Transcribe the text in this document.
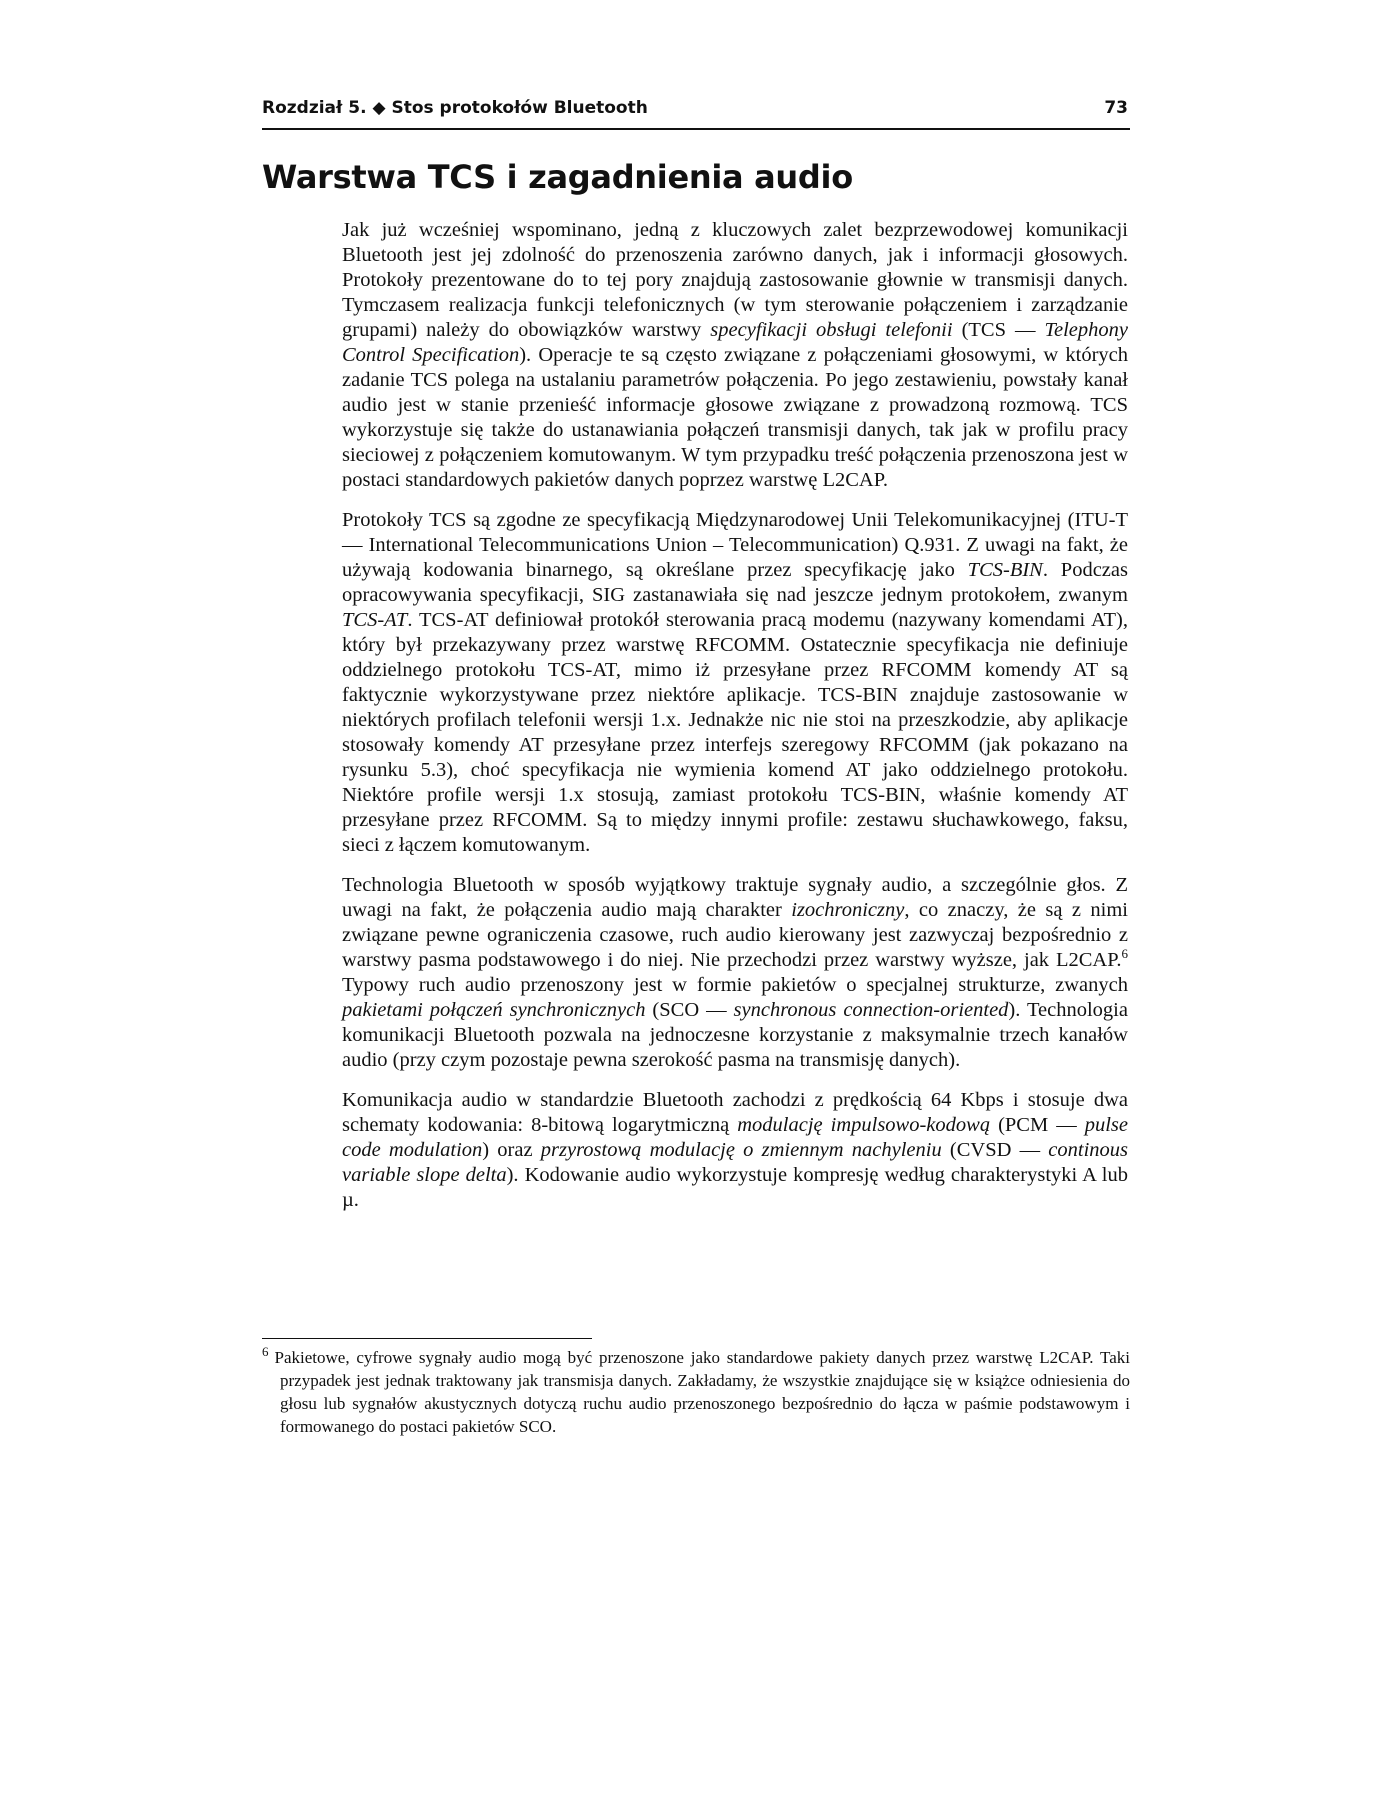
Rozdział 5. ◆ Stos protokołów Bluetooth	73
Warstwa TCS i zagadnienia audio

Jak już wcześniej wspominano, jedną z kluczowych zalet bezprzewodowej komunikacji Bluetooth jest jej zdolność do przenoszenia zarówno danych, jak i informacji głosowych. Protokoły prezentowane do to tej pory znajdują zastosowanie głownie w transmisji danych. Tymczasem realizacja funkcji telefonicznych (w tym sterowanie połączeniem i zarządzanie grupami) należy do obowiązków warstwy specyfikacji obsługi telefonii (TCS — Telephony Control Specification). Operacje te są często związane z połączeniami głosowymi, w których zadanie TCS polega na ustalaniu parametrów połączenia. Po jego zestawieniu, powstały kanał audio jest w stanie przenieść informacje głosowe związane z prowadzoną rozmową. TCS wykorzystuje się także do ustanawiania połączeń transmisji danych, tak jak w profilu pracy sieciowej z połączeniem komutowanym. W tym przypadku treść połączenia przenoszona jest w postaci standardowych pakietów danych poprzez warstwę L2CAP.

Protokoły TCS są zgodne ze specyfikacją Międzynarodowej Unii Telekomunikacyjnej (ITU-T — International Telecommunications Union – Telecommunication) Q.931. Z uwagi na fakt, że używają kodowania binarnego, są określane przez specyfikację jako TCS-BIN. Podczas opracowywania specyfikacji, SIG zastanawiała się nad jeszcze jednym protokołem, zwanym TCS-AT. TCS-AT definiował protokół sterowania pracą modemu (nazywany komendami AT), który był przekazywany przez warstwę RFCOMM. Ostatecznie specyfikacja nie definiuje oddzielnego protokołu TCS-AT, mimo iż przesyłane przez RFCOMM komendy AT są faktycznie wykorzystywane przez niektóre aplikacje. TCS-BIN znajduje zastosowanie w niektórych profilach telefonii wersji 1.x. Jednakże nic nie stoi na przeszkodzie, aby aplikacje stosowały komendy AT przesyłane przez interfejs szeregowy RFCOMM (jak pokazano na rysunku 5.3), choć specyfikacja nie wymienia komend AT jako oddzielnego protokołu. Niektóre profile wersji 1.x stosują, zamiast protokołu TCS-BIN, właśnie komendy AT przesyłane przez RFCOMM. Są to między innymi profile: zestawu słuchawkowego, faksu, sieci z łączem komutowanym.

Technologia Bluetooth w sposób wyjątkowy traktuje sygnały audio, a szczególnie głos. Z uwagi na fakt, że połączenia audio mają charakter izochroniczny, co znaczy, że są z nimi związane pewne ograniczenia czasowe, ruch audio kierowany jest zazwyczaj bezpośrednio z warstwy pasma podstawowego i do niej. Nie przechodzi przez warstwy wyższe, jak L2CAP.$^6$ Typowy ruch audio przenoszony jest w formie pakietów o specjalnej strukturze, zwanych pakietami połączeń synchronicznych (SCO — synchronous connection-oriented). Technologia komunikacji Bluetooth pozwala na jednoczesne korzystanie z maksymalnie trzech kanałów audio (przy czym pozostaje pewna szerokość pasma na transmisję danych).

Komunikacja audio w standardzie Bluetooth zachodzi z prędkością 64 Kbps i stosuje dwa schematy kodowania: 8-bitową logarytmiczną modulację impulsowo-kodową (PCM — pulse code modulation) oraz przyrostową modulację o zmiennym nachyleniu (CVSD — continous variable slope delta). Kodowanie audio wykorzystuje kompresję według charakterystyki A lub µ.

$^6$ Pakietowe, cyfrowe sygnały audio mogą być przenoszone jako standardowe pakiety danych przez warstwę L2CAP. Taki przypadek jest jednak traktowany jak transmisja danych. Zakładamy, że wszystkie znajdujące się w książce odniesienia do głosu lub sygnałów akustycznych dotyczą ruchu audio przenoszonego bezpośrednio do łącza w paśmie podstawowym i formowanego do postaci pakietów SCO.
